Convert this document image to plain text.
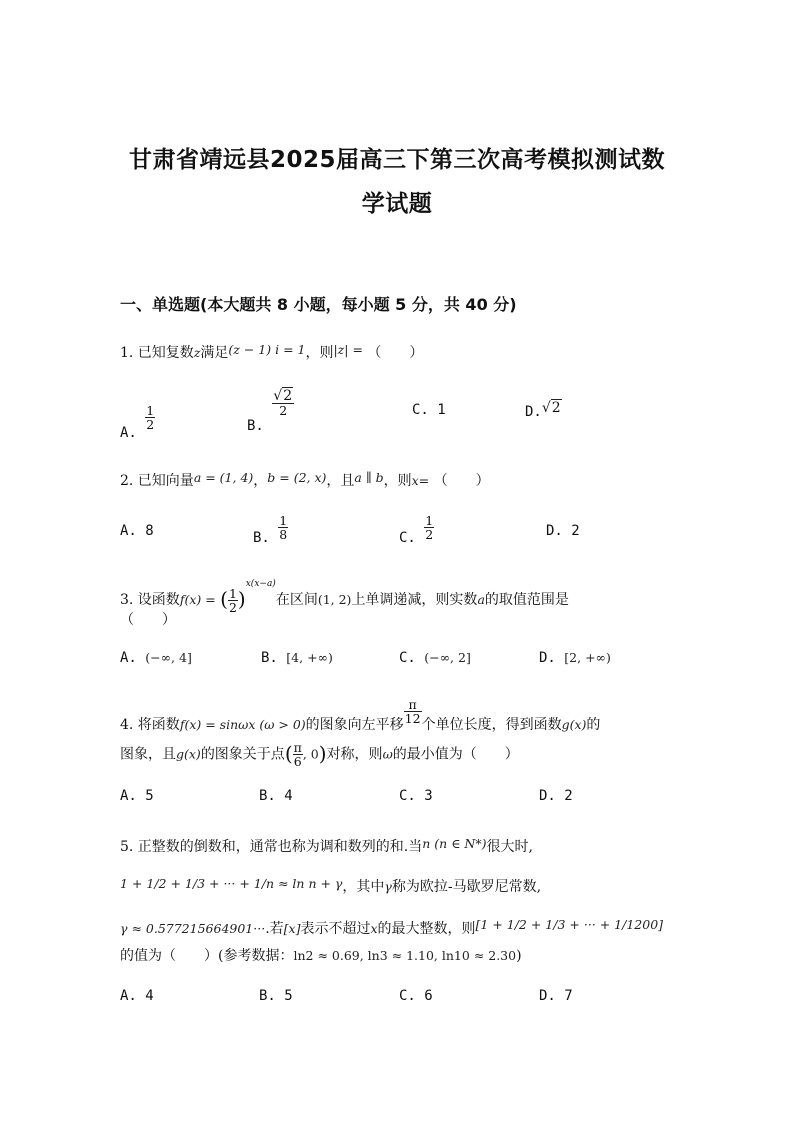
甘肃省靖远县2025届高三下第三次高考模拟测试数
学试题
一、单选题(本大题共 8 小题，每小题 5 分，共 40 分)
1. 已知复数z满足(z − 1) i = 1，则|z| = （　　）
A.
$\frac{1}{2}$	B.
$\frac{√2}{2}$	C. 1	D.√2
2. 已知向量a = (1, 4)，b = (2, x)，且a ∥ b，则x= （　　）
A. 8	B. $\frac{1}{8}$	C. $\frac{1}{2}$	D. 2
3. 设函数f(x) = ( $\frac{1}{2} )^{x(x-a)}$在区间(1, 2)上单调递减，则实数a的取值范围是
（　　）
A. (−∞, 4]	B. [4, +∞)	C. (−∞, 2]	D. [2, +∞)
4. 将函数f(x) = sinωx (ω > 0)的图象向左平移 $\frac{\pi}{12}$ 个单位长度，得到函数g(x)的
图象，且g(x)的图象关于点( $\frac{\pi}{6}$ , 0)对称，则ω的最小值为（　　）
A. 5	B. 4	C. 3	D. 2
5. 正整数的倒数和，通常也称为调和数列的和.当n (n ∈ N*)很大时,
1 + 1/2 + 1/3 + ··· + 1/n ≈ ln n + γ，其中γ称为欧拉-马歇罗尼常数,
γ ≈ 0.577215664901···.若[x]表示不超过x的最大整数，则[1 + 1/2 + 1/3 + ··· + 1/1200]
的值为（　　）(参考数据：ln2 ≈ 0.69, ln3 ≈ 1.10, ln10 ≈ 2.30)
A. 4	B. 5	C. 6	D. 7
